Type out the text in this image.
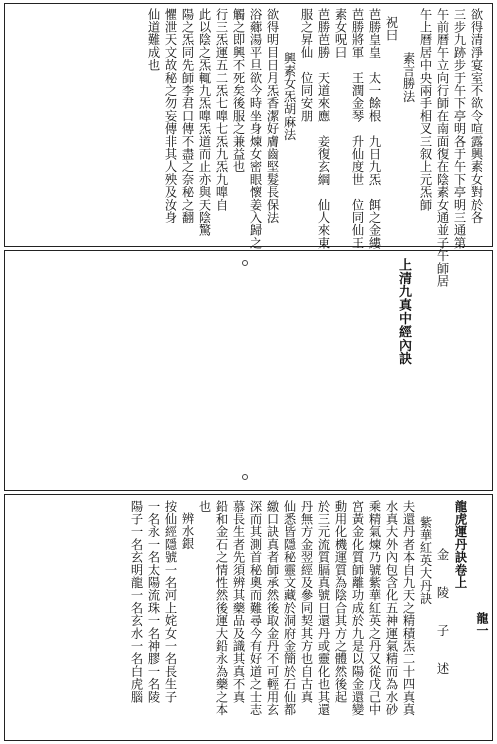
欲得清淨宴室不欲令喧露興素女對於各
三步九跡步于午下亭明各于午下亭明三通第
午前曆午立向行師在南面復在陰素女通並子午師居
午上曆居中央兩手相叉三叙上元炁師
素言勝法
祝曰
芭勝皇皇　太一餘根　九日九炁　餌之金縷
芭勝將軍　王潤金琴　升仙度世　位同仙王
素女呪曰
芭勝芭勝　天道來應　妾復玄綱　仙人來東
服之昇仙　位同安朋
興素女炁胡麻法
欲得明目日月炁香潔好膚齒堅髮長保法
浴薌湯平旦欲今時坐身煉女密眼懷姜入歸之
觸之即興不死矣後服之兼益也
行三炁運五二炁七嘷七炁九炁九嘷自
此以陰之炁輒九炁嘷炁道而止亦與天陰驚
陽之炁同先師李君口傳不盡之奈秘之翻
懼泄天文故秘之勿妄傳非其人殃及汝身
仙道難成也
上清九真中經內訣
龍一
龍虎運丹訣卷上
金　　陵　　子　　述
紫華紅英大丹訣
夫還丹者本自九天之精積炁二十四真真
水真大外內包含化五神運氣精而為水砂
乘精氣煉乃號紫華紅英之丹又從戊己中
宮黃金化質師離功成於九是以陽金還變
動用化機運質為陰合其方之體然後起
於三元流質膈真號日還丹或靈化也其還
丹無方金翌經及參同契其方也自古真
仙悉皆隱秘靈文藏於洞府金簡於石仙都
繳口訣真者師承然後取金丹不可輕用玄
深而其測首秘奧而難尋今有好道之士志
慕長生者先須辨其藥品及識其真不真
鉛和金石之情性然後運大鉛永為藥之本
也
辨水銀
按仙經隱號一名河上姹女一名長生子
一名永一名太陽流珠一名神膠一名陵
陽子一名玄明龍一名玄水一名白虎腦
